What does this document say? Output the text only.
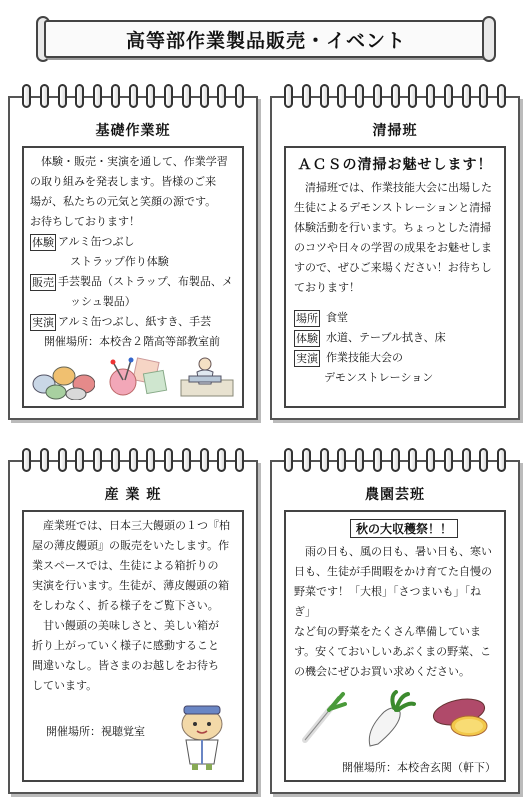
高等部作業製品販売・イベント
基礎作業班
　体験・販売・実演を通して、作業学習
の取り組みを発表します。皆様のご来
場が、私たちの元気と笑顔の源です。
お待ちしております！
体験 アルミ缶つぶし
ストラップ作り体験
販売 手芸製品（ストラップ、布製品、メ
ッシュ製品）
実演 アルミ缶つぶし、紙すき、手芸
開催場所：本校舎２階高等部教室前
清掃班
ＡＣＳの清掃お魅せします！
　清掃班では、作業技能大会に出場した
生徒によるデモンストレーションと清掃
体験活動を行います。ちょっとした清掃
のコツや日々の学習の成果をお魅せしま
すので、ぜひご来場ください！お待ちし
ております！
場所 食堂
体験 水道、テーブル拭き、床
実演 作業技能大会の
デモンストレーション
産 業 班
　産業班では、日本三大饅頭の１つ『柏
屋の薄皮饅頭』の販売をいたします。作
業スペースでは、生徒による箱折りの
実演を行います。生徒が、薄皮饅頭の箱
をしわなく、折る様子をご覧下さい。
　甘い饅頭の美味しさと、美しい箱が
折り上がっていく様子に感動すること
間違いなし。皆さまのお越しをお待ち
しています。
開催場所：視聴覚室
農園芸班
秋の大収穫祭！！
　雨の日も、風の日も、暑い日も、寒い
日も、生徒が手間暇をかけ育てた自慢の
野菜です！「大根」「さつまいも」「ねぎ」
など旬の野菜をたくさん準備していま
す。安くておいしいあぶくまの野菜、こ
の機会にぜひお買い求めください。
開催場所：本校舎玄関（軒下）
